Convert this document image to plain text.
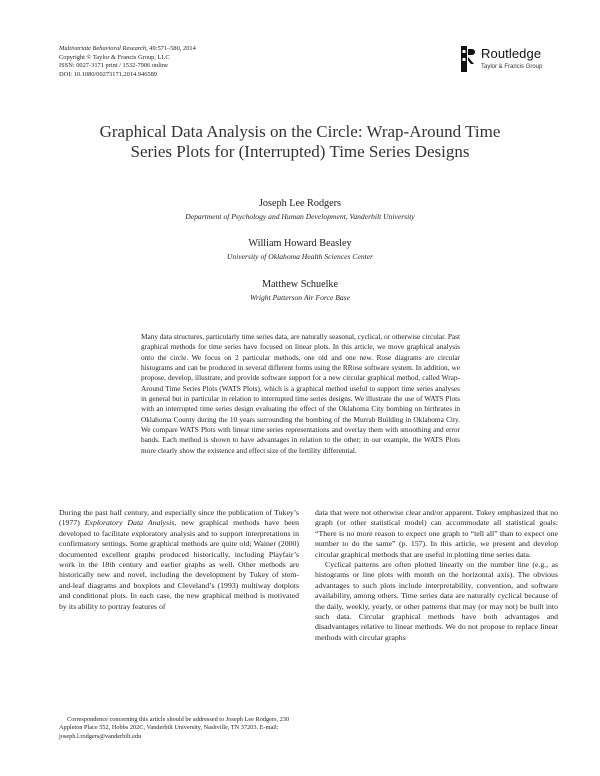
Multivariate Behavioral Research, 49:571–580, 2014
Copyright © Taylor & Francis Group, LLC
ISSN: 0027-3171 print / 1532-7906 online
DOI: 10.1080/00273171.2014.946589
Routledge
Taylor & Francis Group
Graphical Data Analysis on the Circle: Wrap-Around Time Series Plots for (Interrupted) Time Series Designs
Joseph Lee Rodgers
Department of Psychology and Human Development, Vanderbilt University
William Howard Beasley
University of Oklahoma Health Sciences Center
Matthew Schuelke
Wright Patterson Air Force Base
Many data structures, particularly time series data, are naturally seasonal, cyclical, or otherwise circular. Past graphical methods for time series have focused on linear plots. In this article, we move graphical analysis onto the circle. We focus on 2 particular methods, one old and one new. Rose diagrams are circular histograms and can be produced in several different forms using the RRose software system. In addition, we propose, develop, illustrate, and provide software support for a new circular graphical method, called Wrap-Around Time Series Plots (WATS Plots), which is a graphical method useful to support time series analyses in general but in particular in relation to interrupted time series designs. We illustrate the use of WATS Plots with an interrupted time series design evaluating the effect of the Oklahoma City bombing on birthrates in Oklahoma County during the 10 years surrounding the bombing of the Murrah Building in Oklahoma City. We compare WATS Plots with linear time series representations and overlay them with smoothing and error bands. Each method is shown to have advantages in relation to the other; in our example, the WATS Plots more clearly show the existence and effect size of the fertility differential.

During the past half century, and especially since the publication of Tukey’s (1977) Exploratory Data Analysis, new graphical methods have been developed to facilitate exploratory analysis and to support interpretations in confirmatory settings. Some graphical methods are quite old; Wainer (2000) documented excellent graphs produced historically, including Playfair’s work in the 18th century and earlier graphs as well. Other methods are historically new and novel, including the development by Tukey of stem-and-leaf diagrams and boxplots and Cleveland’s (1993) multiway dotplots and conditional plots. In each case, the new graphical method is motivated by its ability to portray features of

data that were not otherwise clear and/or apparent. Tukey emphasized that no graph (or other statistical model) can accommodate all statistical goals: “There is no more reason to expect one graph to “tell all” than to expect one number to do the same” (p. 157). In this article, we present and develop circular graphical methods that are useful in plotting time series data.

Cyclical patterns are often plotted linearly on the number line (e.g., as histograms or line plots with month on the horizontal axis). The obvious advantages to such plots include interpretability, convention, and software availability, among others. Time series data are naturally cyclical because of the daily, weekly, yearly, or other patterns that may (or may not) be built into such data. Circular graphical methods have both advantages and disadvantages relative to linear methods. We do not propose to replace linear methods with circular graphs

Correspondence concerning this article should be addressed to Joseph Lee Rodgers, 230 Appleton Place 552, Hobbs 202C, Vanderbilt University, Nashville, TN 37203. E-mail: joseph.l.rodgers@vanderbilt.edu
